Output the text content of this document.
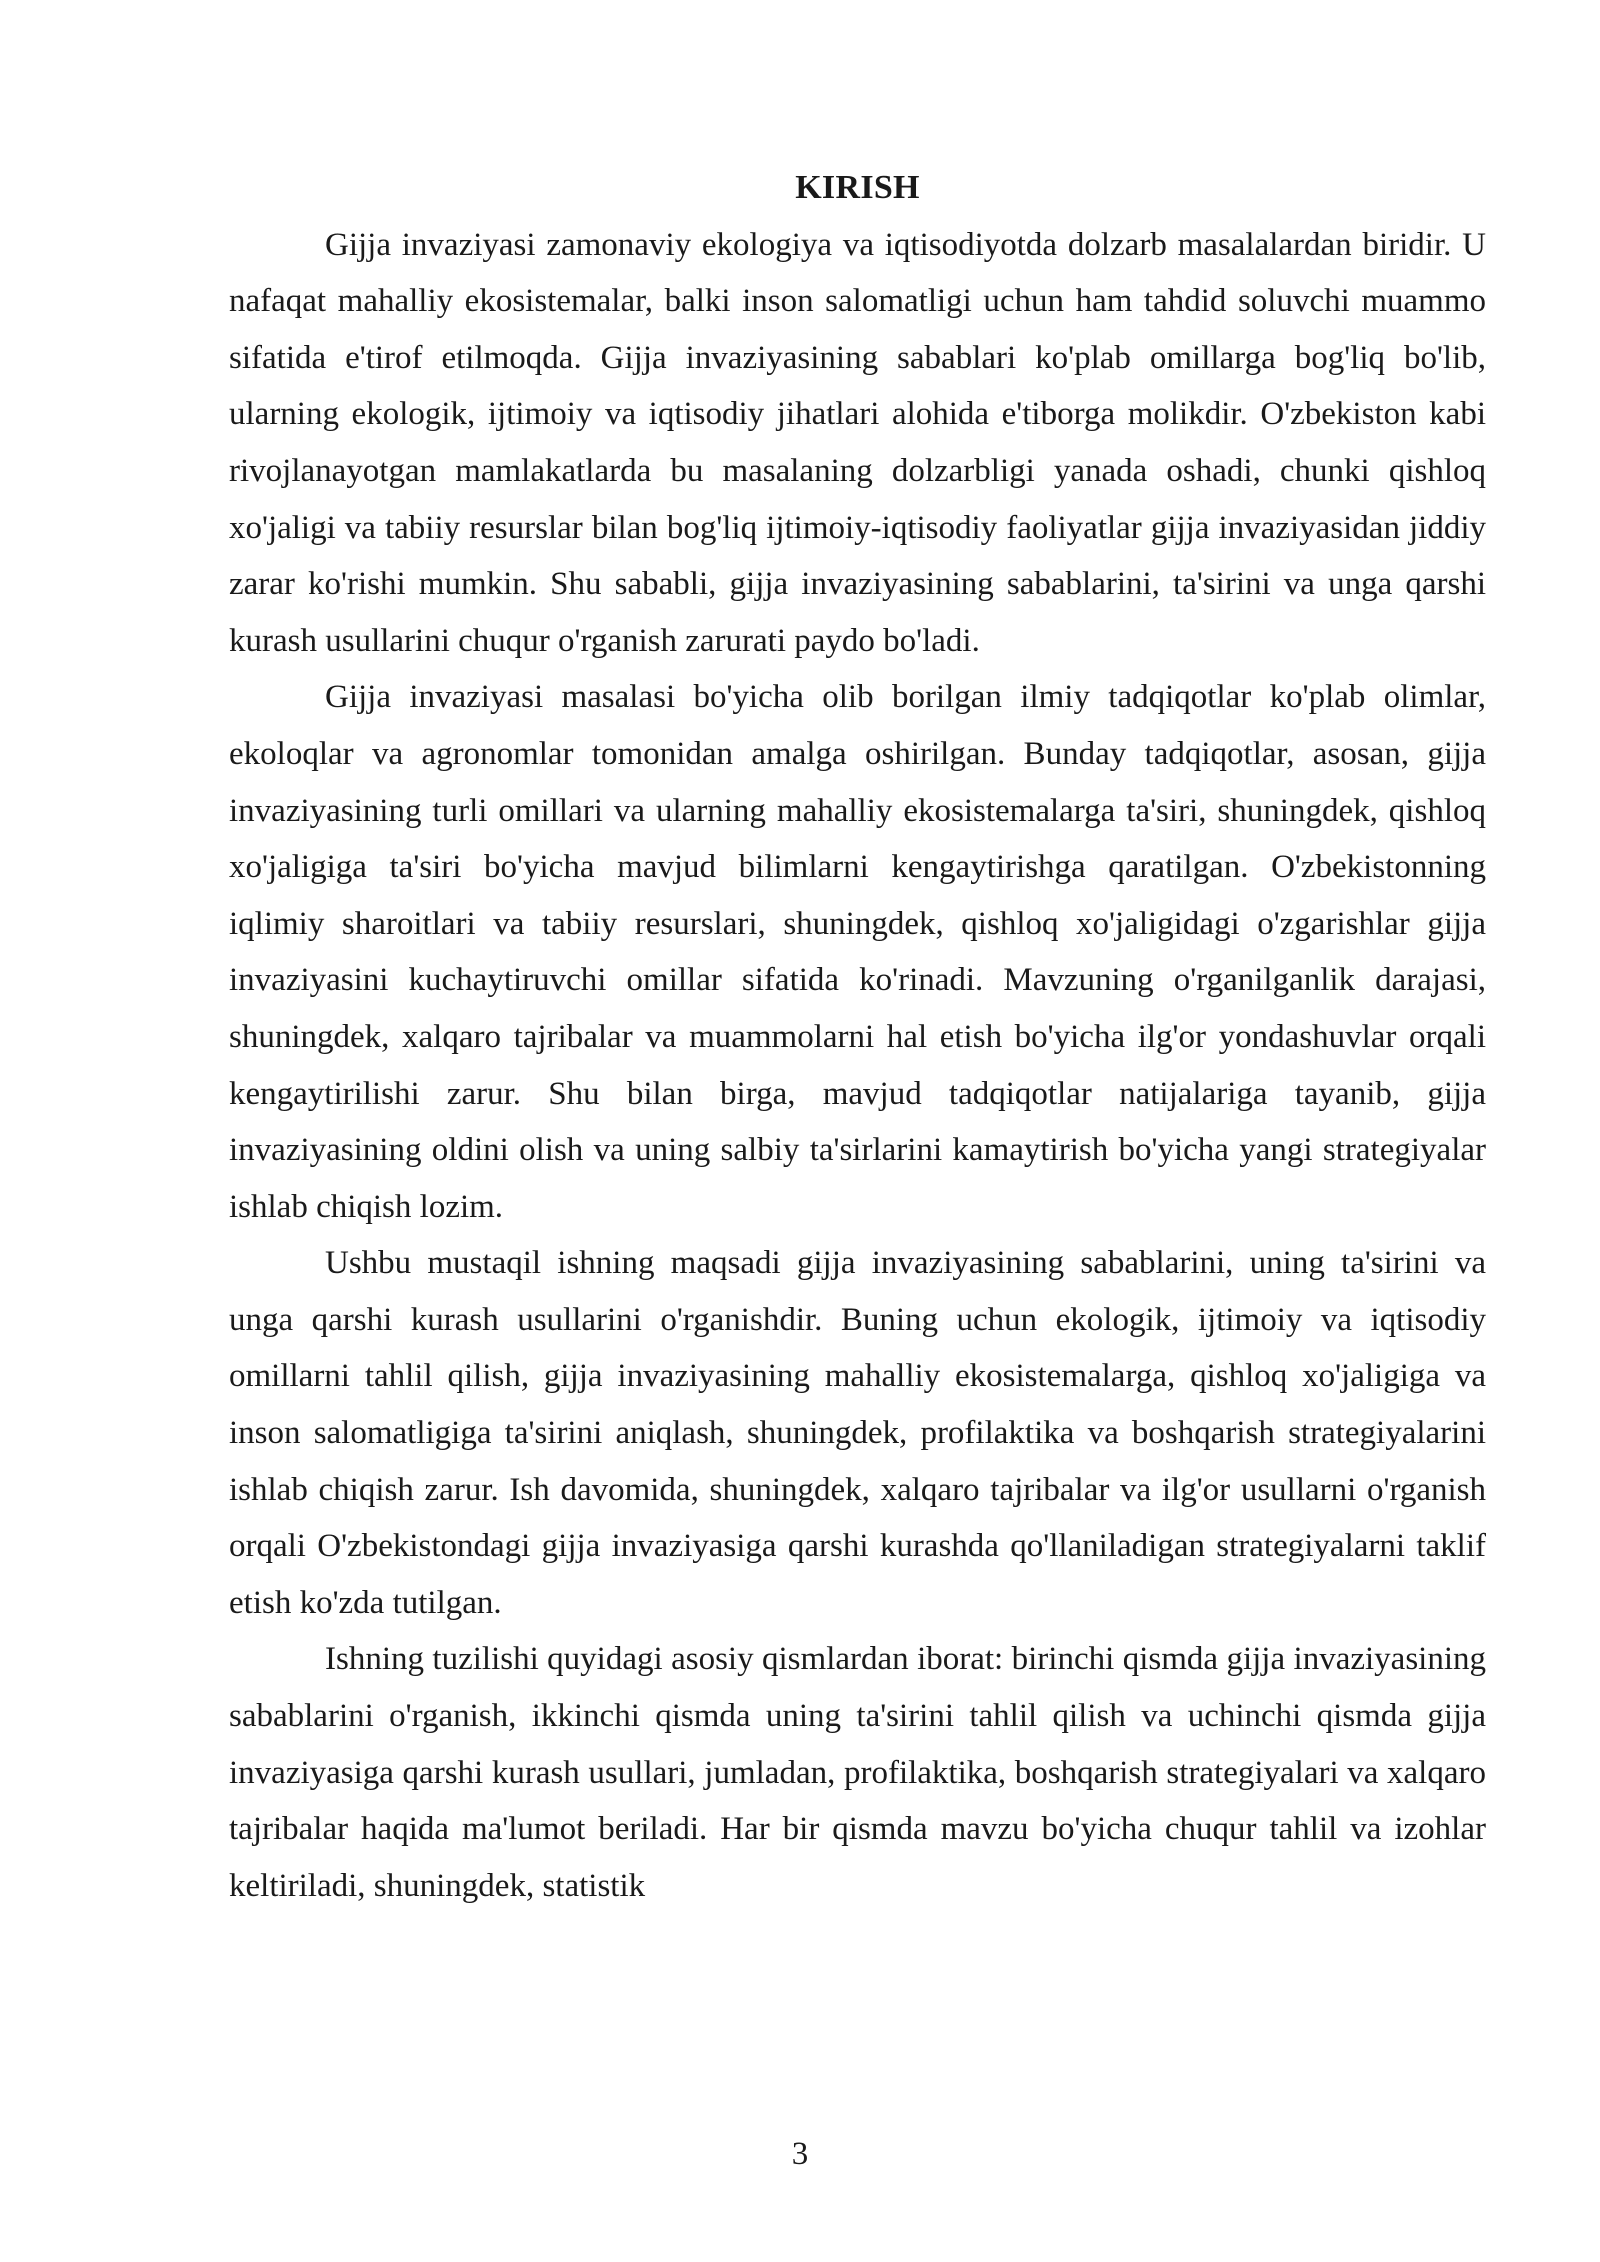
KIRISH

Gijja invaziyasi zamonaviy ekologiya va iqtisodiyotda dolzarb masalalardan biridir. U nafaqat mahalliy ekosistemalar, balki inson salomatligi uchun ham tahdid soluvchi muammo sifatida e'tirof etilmoqda. Gijja invaziyasining sabablari ko'plab omillarga bog'liq bo'lib, ularning ekologik, ijtimoiy va iqtisodiy jihatlari alohida e'tiborga molikdir. O'zbekiston kabi rivojlanayotgan mamlakatlarda bu masalaning dolzarbligi yanada oshadi, chunki qishloq xo'jaligi va tabiiy resurslar bilan bog'liq ijtimoiy-iqtisodiy faoliyatlar gijja invaziyasidan jiddiy zarar ko'rishi mumkin. Shu sababli, gijja invaziyasining sabablarini, ta'sirini va unga qarshi kurash usullarini chuqur o'rganish zarurati paydo bo'ladi.

Gijja invaziyasi masalasi bo'yicha olib borilgan ilmiy tadqiqotlar ko'plab olimlar, ekoloqlar va agronomlar tomonidan amalga oshirilgan. Bunday tadqiqotlar, asosan, gijja invaziyasining turli omillari va ularning mahalliy ekosistemalarga ta'siri, shuningdek, qishloq xo'jaligiga ta'siri bo'yicha mavjud bilimlarni kengaytirishga qaratilgan. O'zbekistonning iqlimiy sharoitlari va tabiiy resurslari, shuningdek, qishloq xo'jaligidagi o'zgarishlar gijja invaziyasini kuchaytiruvchi omillar sifatida ko'rinadi. Mavzuning o'rganilganlik darajasi, shuningdek, xalqaro tajribalar va muammolarni hal etish bo'yicha ilg'or yondashuvlar orqali kengaytirilishi zarur. Shu bilan birga, mavjud tadqiqotlar natijalariga tayanib, gijja invaziyasining oldini olish va uning salbiy ta'sirlarini kamaytirish bo'yicha yangi strategiyalar ishlab chiqish lozim.

Ushbu mustaqil ishning maqsadi gijja invaziyasining sabablarini, uning ta'sirini va unga qarshi kurash usullarini o'rganishdir. Buning uchun ekologik, ijtimoiy va iqtisodiy omillarni tahlil qilish, gijja invaziyasining mahalliy ekosistemalarga, qishloq xo'jaligiga va inson salomatligiga ta'sirini aniqlash, shuningdek, profilaktika va boshqarish strategiyalarini ishlab chiqish zarur. Ish davomida, shuningdek, xalqaro tajribalar va ilg'or usullarni o'rganish orqali O'zbekistondagi gijja invaziyasiga qarshi kurashda qo'llaniladigan strategiyalarni taklif etish ko'zda tutilgan.

Ishning tuzilishi quyidagi asosiy qismlardan iborat: birinchi qismda gijja invaziyasining sabablarini o'rganish, ikkinchi qismda uning ta'sirini tahlil qilish va uchinchi qismda gijja invaziyasiga qarshi kurash usullari, jumladan, profilaktika, boshqarish strategiyalari va xalqaro tajribalar haqida ma'lumot beriladi. Har bir qismda mavzu bo'yicha chuqur tahlil va izohlar keltiriladi, shuningdek, statistik

3
